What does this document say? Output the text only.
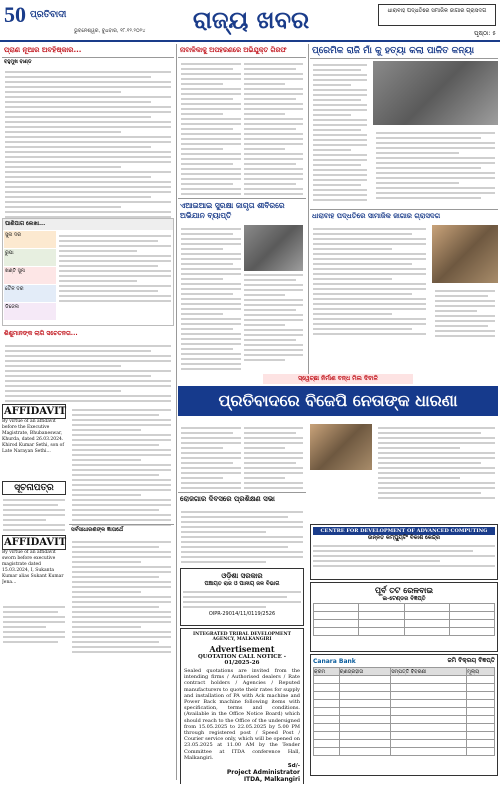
50 ପ୍ରତିବାଦୀ
ଭୁବନେଶ୍ୱର, ବୁଧବାର, ୧୮.୧୨.୨୦୨୪	ରାଜ୍ୟ ଖବର	ଧାରାବାହ ପଦ୍ଧତିରେ ସମାଜିକ ଜାଗାର ଗ୍ରାସଦଗ
ପୃଷ୍ଠା: ୫
ପ୍ରାଣ ନୂଆର ଅବହିଷ୍କାର...
ବହୁମୁଖ ବାଣ୍ଡ
ପାଣିପାଗ ଲେଖା...
ସୁନା ଦର
ରୁପା
ଖଣ୍ଟି ସୁନା
ତୈଳ ଦର
ଡିଜେଲ
ଶିଶୁମାନଙ୍କ ଲାଗି ସଚେତନତା...
AFFIDAVIT
By virtue of an affidavit before the Executive Magistrate, Bhubaneswar, Khurda, dated 26.03.2024. Khirod Kumar Sethi, son of Late Narayan Sethi...
ସୂଚନାପତ୍ର
AFFIDAVIT
By virtue of an affidavit sworn before executive magistrate dated 15.03.2024, I, Sukanta Kumar alias Sukant Kumar Jena...
ସର୍ବସାଧାରଣଙ୍କ ଜ୍ଞାତାର୍ଥେ
ନାବାଳିକାକୁ ଅପହରଣରେ ଅଭିଯୁକ୍ତ ଗିରଫ
ଏଆଇଆଇ ସୁରକ୍ଷା ଜାଗୃତା ଶୀବିରରେ ଅଭିଯାନ ବ୍ୟାପ୍ତି
ପ୍ରେମିକ ରାଜି ମାଁ କୁ ହତ୍ୟା କଲା ପାଳିତ କନ୍ୟା
ଧାରାବାହ ପଦ୍ଧତିରେ ସାମାଜିକ ଜାଗାର ଗ୍ରାସଦଗ
ସ୍ୱେଚ୍ଛା ନିର୍ମାଣ ବନ୍ଧ ମିଲ ଦିବାଳି
ପ୍ରତିବାଦରେ ବିଜେପି ନେତାଙ୍କ ଧାରଣା
ରୋଜଗାର ଦିବସରେ ପ୍ରଶିକ୍ଷଣ ସଭା
ଓଡ଼ିଶା ସରକାର
ପଞ୍ଚାୟତ ରାଜ ଓ ପାନୀୟ ଜଳ ବିଭାଗ
OIPR-29014/11/0119/2526
INTEGRATED TRIBAL DEVELOPMENT AGENCY, MALKANGIRI
Advertisement
QUOTATION CALL NOTICE - 01/2025-26
Sealed quotations are invited from the intending firms / Authorised dealers / Rate contract holders / Agencies / Reputed manufacturers to quote their rates for supply and installation of PA with Ack machine and Power Back machine following items with specification, terms and conditions. (Available in the Office Notice Board) which should reach to the Office of the undersigned from 15.05.2025 to 22.05.2025 by 5.00 PM through registered post / Speed Post / Courier service only, which will be opened on 23.05.2025 at 11.00 AM by the Tender Committee at ITDA conference Hall, Malkangiri.
Sd/-
Project Administrator
ITDA, Malkangiri
CENTRE FOR DEVELOPMENT OF ADVANCED COMPUTING
ଉନ୍ନତ କମ୍ପ୍ୟୁଟିଂ ବିକାଶ କେନ୍ଦ୍ର
ପୂର୍ବ ତଟ ରେଳବାଇ
ଇ-ଟେଣ୍ଡର ବିଜ୍ଞପ୍ତି

Canara Bank	ଜମି ବିକ୍ରୟ ବିଜ୍ଞପ୍ତି
କ୍ରମ	ଋଣଗ୍ରହୀତା	ସମ୍ପତ୍ତି ବିବରଣୀ	ମୂଲ୍ୟ
